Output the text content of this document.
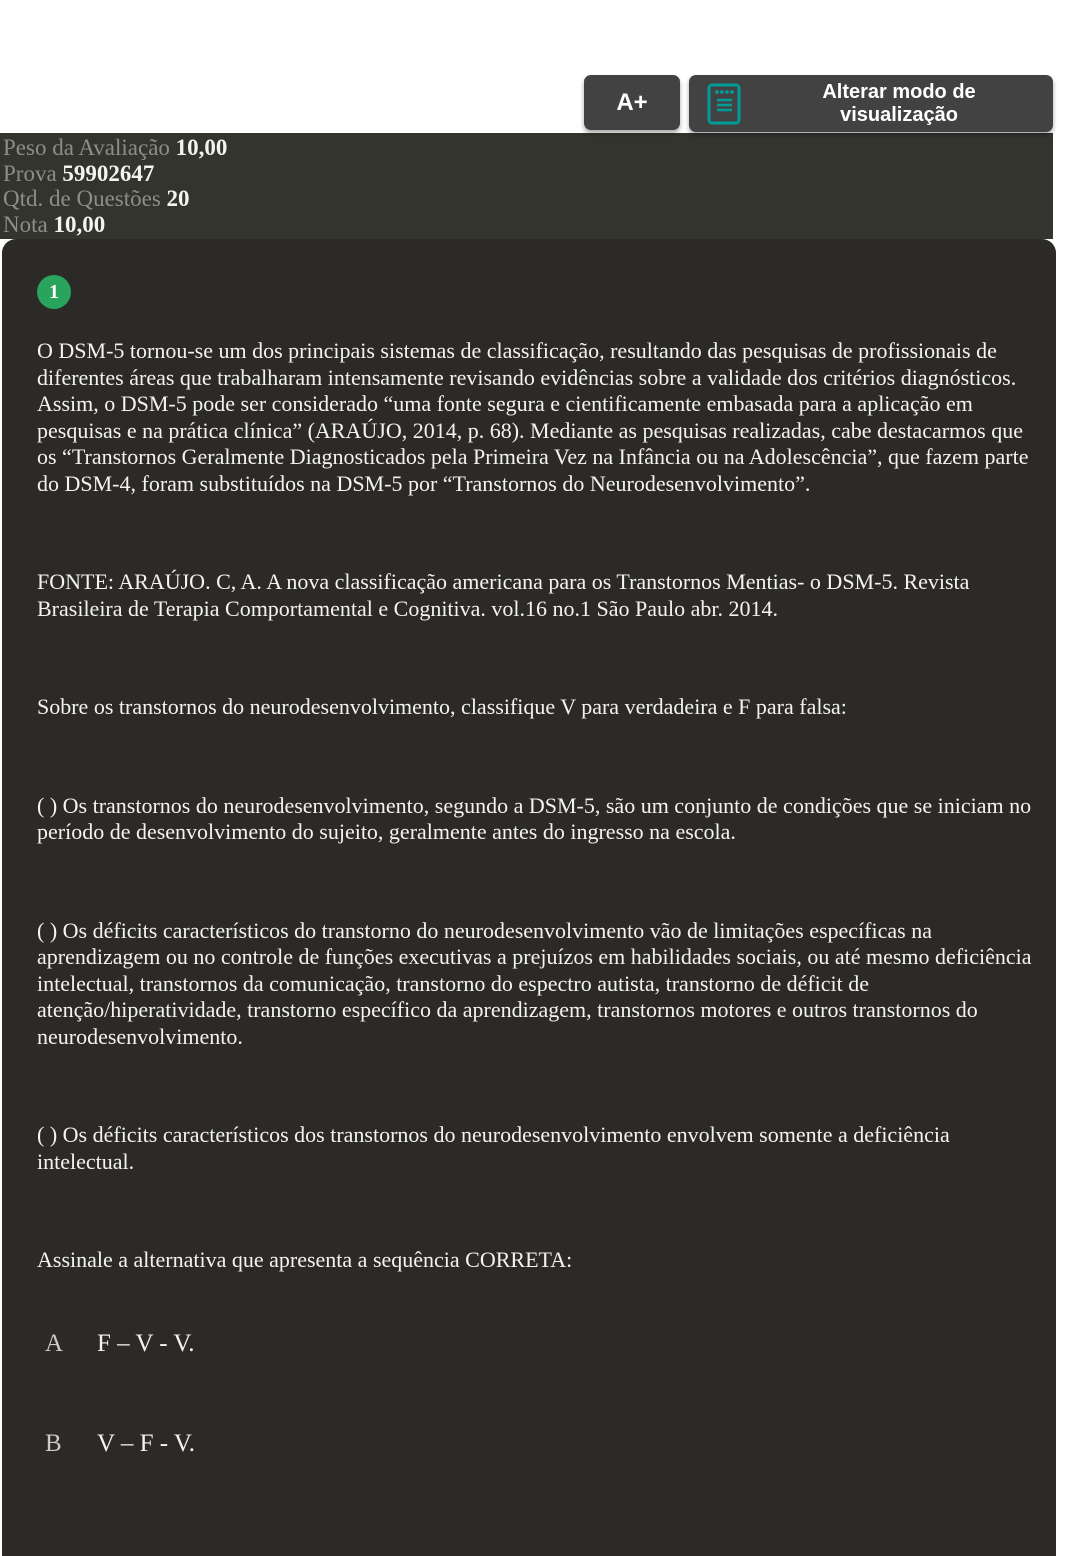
A+	Alterar modo de visualização
Peso da Avaliação 10,00
Prova 59902647
Qtd. de Questões 20
Nota 10,00
1

O DSM-5 tornou-se um dos principais sistemas de classificação, resultando das pesquisas de profissionais de diferentes áreas que trabalharam intensamente revisando evidências sobre a validade dos critérios diagnósticos. Assim, o DSM-5 pode ser considerado “uma fonte segura e cientificamente embasada para a aplicação em pesquisas e na prática clínica” (ARAÚJO, 2014, p. 68). Mediante as pesquisas realizadas, cabe destacarmos que os “Transtornos Geralmente Diagnosticados pela Primeira Vez na Infância ou na Adolescência”, que fazem parte do DSM-4, foram substituídos na DSM-5 por “Transtornos do Neurodesenvolvimento”.

FONTE: ARAÚJO. C, A. A nova classificação americana para os Transtornos Mentias- o DSM-5. Revista Brasileira de Terapia Comportamental e Cognitiva. vol.16 no.1 São Paulo abr. 2014.

Sobre os transtornos do neurodesenvolvimento, classifique V para verdadeira e F para falsa:

( ) Os transtornos do neurodesenvolvimento, segundo a DSM-5, são um conjunto de condições que se iniciam no período de desenvolvimento do sujeito, geralmente antes do ingresso na escola.

( ) Os déficits característicos do transtorno do neurodesenvolvimento vão de limitações específicas na aprendizagem ou no controle de funções executivas a prejuízos em habilidades sociais, ou até mesmo deficiência intelectual, transtornos da comunicação, transtorno do espectro autista, transtorno de déficit de atenção/hiperatividade, transtorno específico da aprendizagem, transtornos motores e outros transtornos do neurodesenvolvimento.

( ) Os déficits característicos dos transtornos do neurodesenvolvimento envolvem somente a deficiência intelectual.

Assinale a alternativa que apresenta a sequência CORRETA:

A	F – V - V.
B	V – F - V.
